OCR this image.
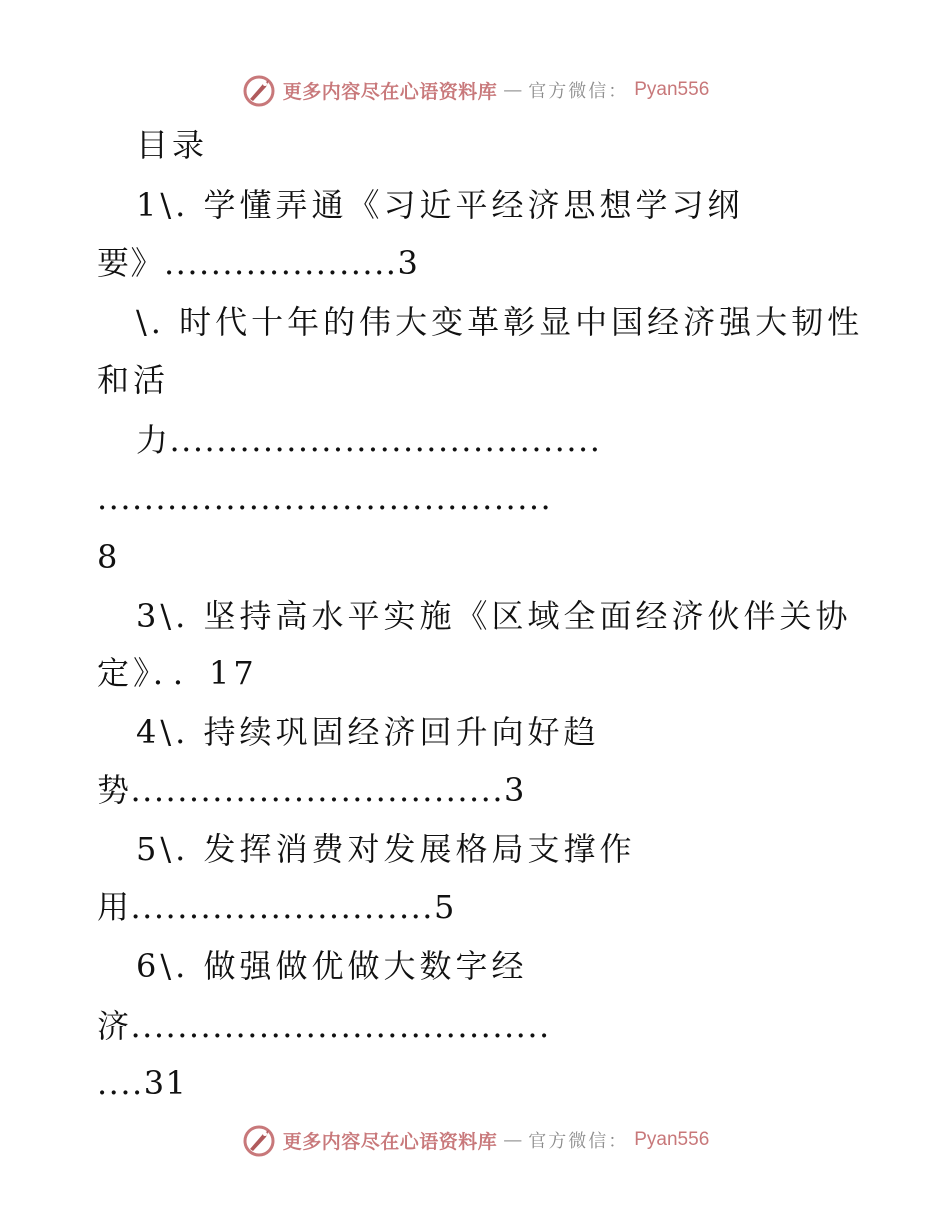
更多内容尽在心语资料库 — 官方微信： Pyan556
目录
1\. 学懂弄通《习近平经济思想学习纲
要》....................3
\. 时代十年的伟大变革彰显中国经济强大韧性
和活
力.....................................
.......................................
8
3\. 坚持高水平实施《区域全面经济伙伴关协
定》．．17
4\. 持续巩固经济回升向好趋
势................................3
5\. 发挥消费对发展格局支撑作
用..........................5
6\. 做强做优做大数字经
济....................................
....31
更多内容尽在心语资料库 — 官方微信： Pyan556
